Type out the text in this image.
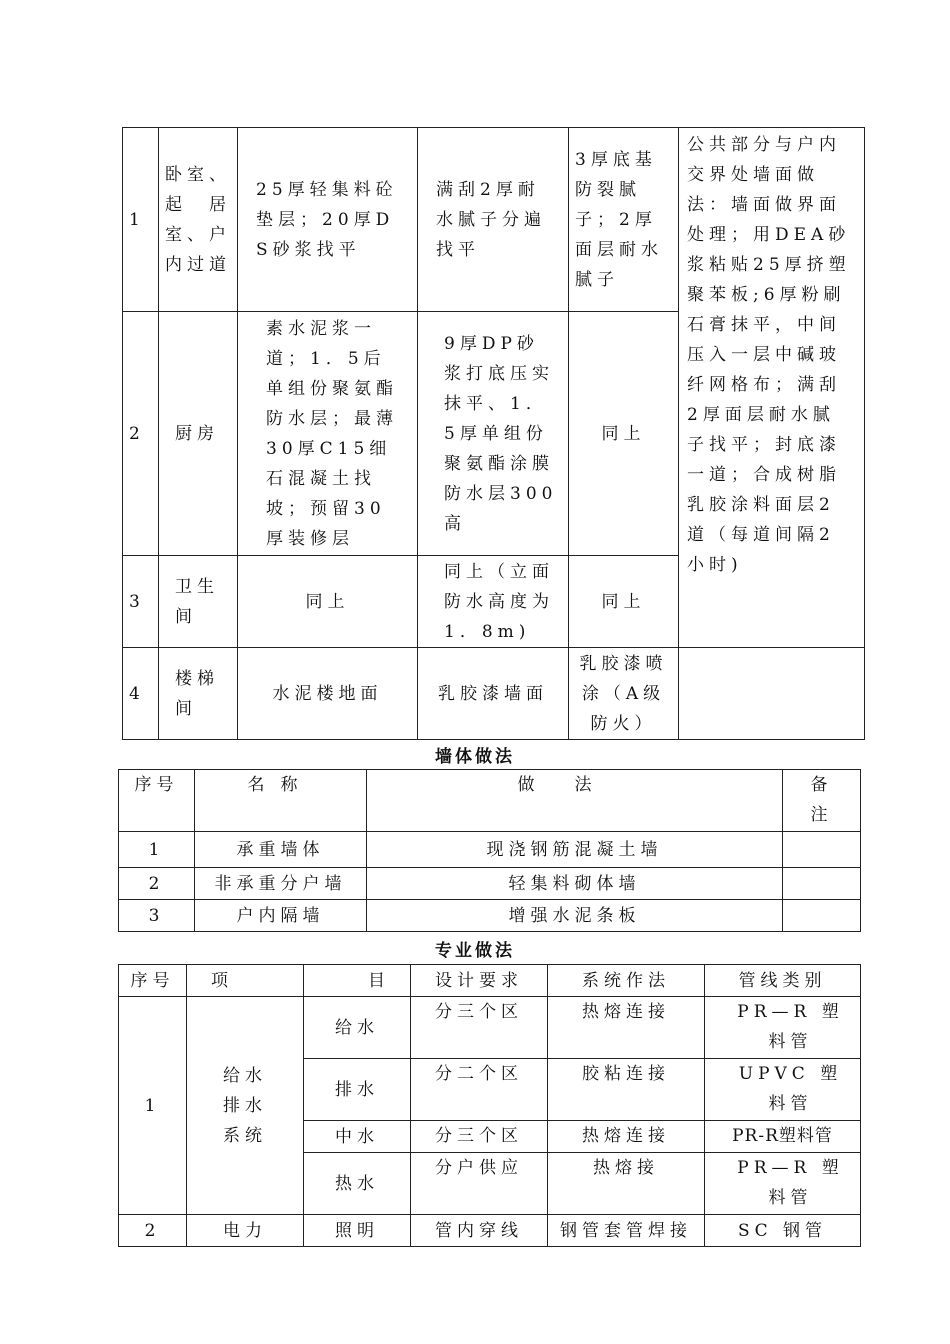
1	卧室、起居室、户内过道	25厚轻集料砼垫层；20厚DS砂浆找平	满刮2厚耐水腻子分遍找平	3厚底基防裂腻子；2厚面层耐水腻子	公共部分与户内交界处墙面做法：墙面做界面处理；用DEA砂浆粘贴25厚挤塑聚苯板;6厚粉刷石膏抹平，中间压入一层中碱玻纤网格布；满刮2厚面层耐水腻子找平；封底漆一道；合成树脂乳胶涂料面层2道（每道间隔2小时)
2	厨房	素水泥浆一道；1．5后单组份聚氨酯防水层；最薄30厚C15细石混凝土找坡；预留30厚装修层	9厚DP砂浆打底压实抹平、1．5厚单组份聚氨酯涂膜防水层300高	同上	
3	卫生间	同上	同上（立面防水高度为1．8m)	同上	
4	楼梯间	水泥楼地面	乳胶漆墙面	乳胶漆喷涂（A级防火）	
墙体做法
序号	名称	做法	备注
1	承重墙体	现浇钢筋混凝土墙	
2	非承重分户墙	轻集料砌体墙	
3	户内隔墙	增强水泥条板	
专业做法
序号	项	目	设计要求	系统作法	管线类别
1	给水排水系统	给水	分三个区	热熔连接	PR—R 塑料管
		排水	分二个区	胶粘连接	UPVC 塑料管
		中水	分三个区	热熔连接	PR-R塑料管
		热水	分户供应	热熔接	PR—R 塑料管
2	电力	照明	管内穿线	钢管套管焊接	SC 钢管
